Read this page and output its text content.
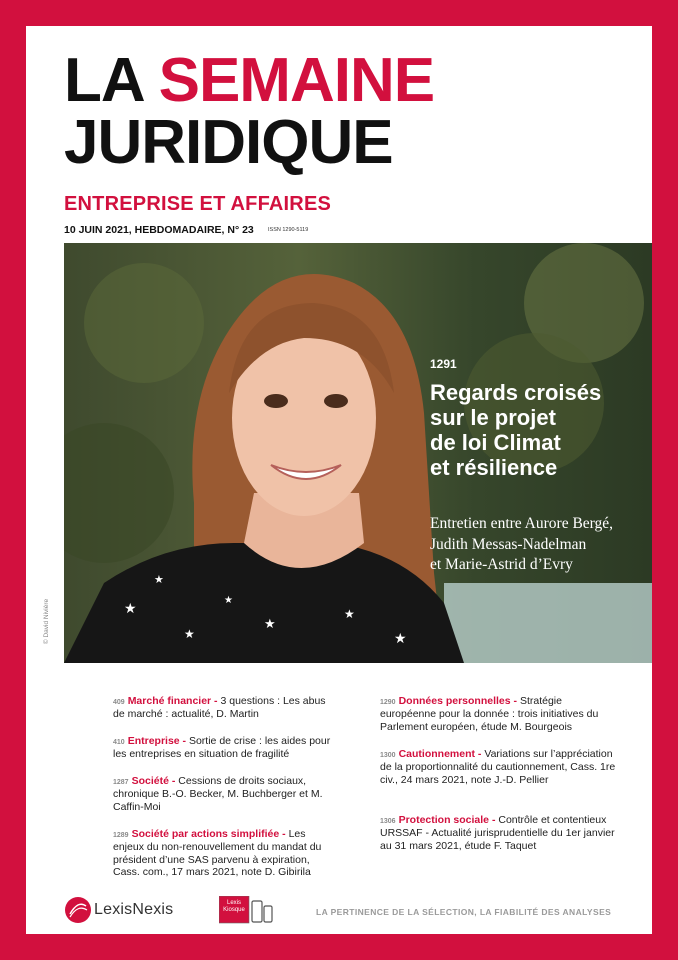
LA SEMAINE
JURIDIQUE
ENTREPRISE ET AFFAIRES
10 JUIN 2021, HEBDOMADAIRE, N° 23	ISSN 1290-5119
★
★
★
★
★
★
★
© David Nivière
1291
Regards croisés
sur le projet
de loi Climat
et résilience
Entretien entre Aurore Bergé,
Judith Messas-Nadelman
et Marie-Astrid d’Evry
409 Marché financier - 3 questions : Les abus de marché : actualité, D. Martin
410 Entreprise - Sortie de crise : les aides pour les entreprises en situation de fragilité
1287 Société - Cessions de droits sociaux, chronique B.-O. Becker, M. Buchberger et M. Caffin-Moi
1289 Société par actions simplifiée - Les enjeux du non-renouvellement du mandat du président d’une SAS parvenu à expiration, Cass. com., 17 mars 2021, note D. Gibirila
1290 Données personnelles - Stratégie européenne pour la donnée : trois initiatives du Parlement européen, étude M. Bourgeois
1300 Cautionnement - Variations sur l’appréciation de la proportionnalité du cautionnement, Cass. 1re civ., 24 mars 2021, note J.-D. Pellier
1306 Protection sociale - Contrôle et contentieux URSSAF - Actualité jurisprudentielle du 1er janvier au 31 mars 2021, étude F. Taquet
LexisNexis	Lexis
Kiosque	LA PERTINENCE DE LA SÉLECTION, LA FIABILITÉ DES ANALYSES
